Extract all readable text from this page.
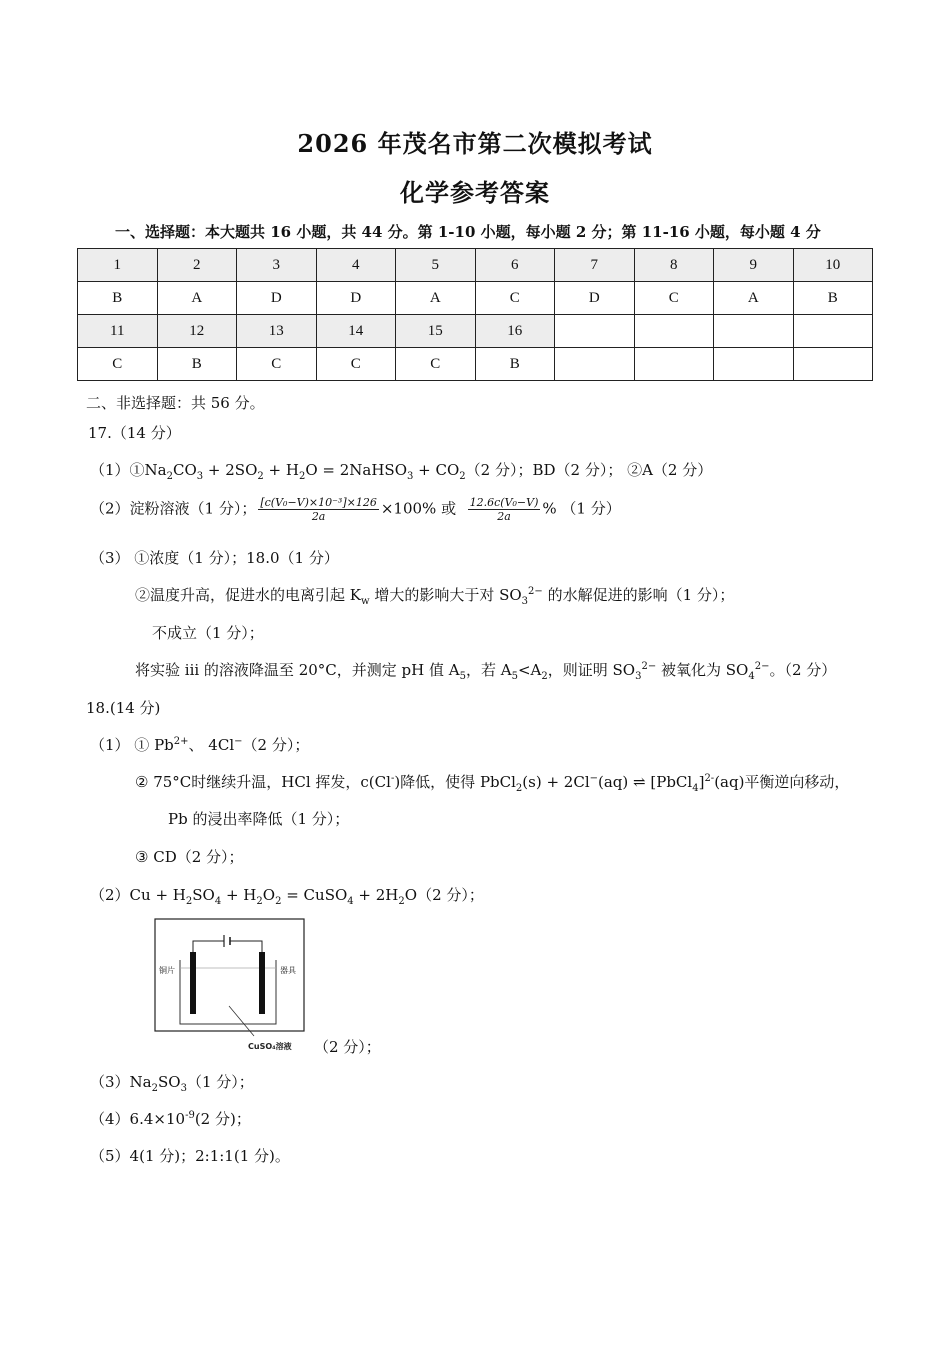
2026 年茂名市第二次模拟考试
化学参考答案
一、选择题：本大题共 16 小题，共 44 分。第 1-10 小题，每小题 2 分；第 11-16 小题，每小题 4 分
1	2	3	4	5	6	7	8	9	10
B	A	D	D	A	C	D	C	A	B
11	12	13	14	15	16				
C	B	C	C	C	B				
二、非选择题：共 56 分。
17.（14 分）
$(1)①Na_2CO_3 + 2SO_2 + H_2O$ = 2NaHSO$_3$ + $CO_2(2$ 分）；BD（2 分）； ②A（2 分）
（2）淀粉溶液（1 分）； $\frac{\text{[c(V₀−V)×10⁻³]×126}}{2a} \times 100\%$ 或 $\frac{\text{12.6c(V₀−V)}}{2a}$ % （1 分）
（3） ①浓度（1 分）；18.0（1 分）
②温度升高，促进水的电离引起 $K_w$ 增大的影响大于对 $SO_3^{2-}$ 的水解促进的影响（1 分）；
不成立（1 分）；
将实验 iii 的溶液降温至 20°C，并测定 pH 值 $A_5$，若 $A_5<A_2$，则证明 $SO_3^{2-}$ 被氧化为 $SO_4^{2-}$。（2 分）
18.(14 分)
（1） ① $Pb^{2+}$、 4Cl−（2 分）；
② 75°C时继续升温，HCl 挥发，c(Cl-)降低，使得 PbCl$_2$(s) + 2Cl−(aq) ⇌ [PbCl$_4$]$^{2-}$(aq)平衡逆向移动，
Pb 的浸出率降低（1 分）；
③ CD（2 分）；
$(2)Cu + H_2SO_4 + H_2O_2$ = CuSO$_4$ + $2H_2O(2$ 分）；
铜片	器具
CuSO₄溶液 （2 分）；
$(3)Na_2SO_3(1$ 分）；
$(4)6.4\times 10^{-9}(2$ 分)；
（5）4(1 分)；2:1:1(1 分)。
